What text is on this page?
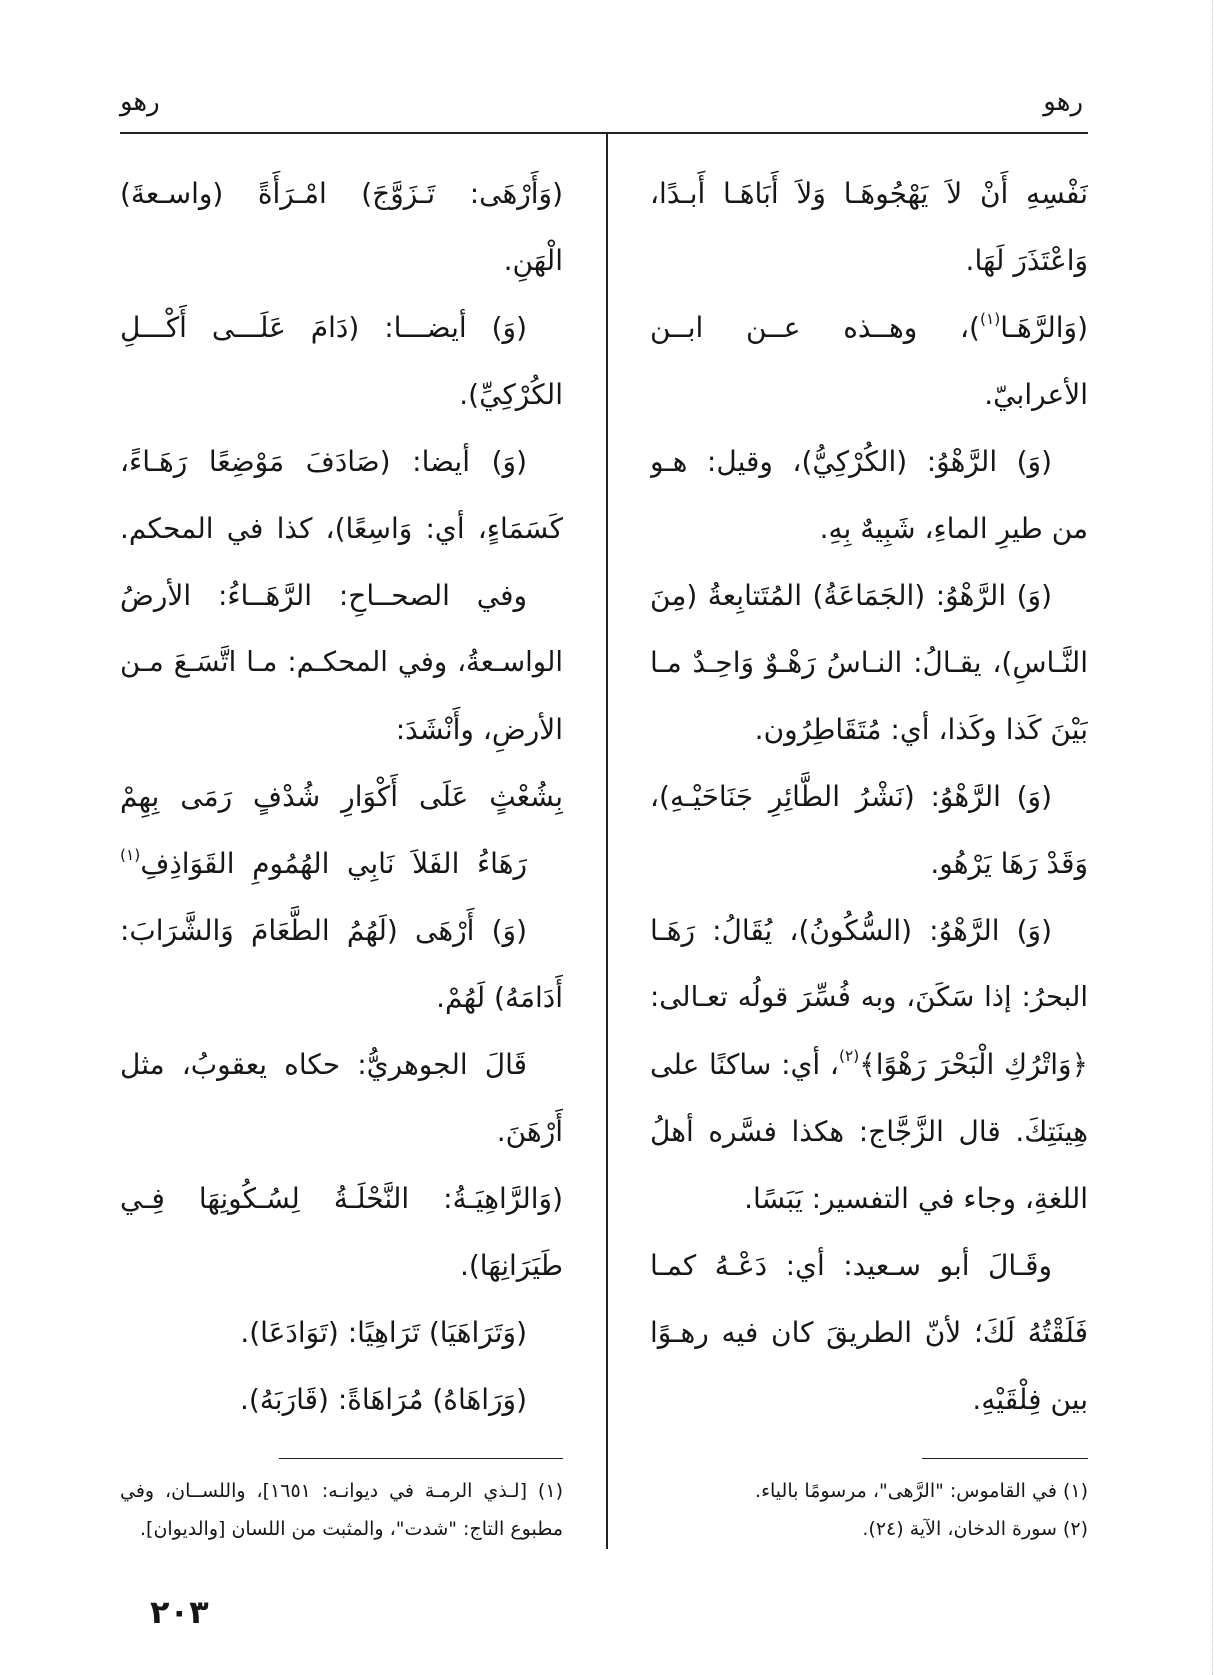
رهو
رهو
نَفْسِهِ أَنْ لاَ يَهْجُوهَـا وَلاَ أَبَاهَـا أَبـدًا،
وَاعْتَذَرَ لَهَا.
(وَالرَّهَـا$^{(١)}$)، وهــذه عــن ابــن
الأعرابيّ.
(وَ) الرَّهْوُ: (الكُرْكِيُّ)، وقيل: هـو
من طيرِ الماءِ، شَبِيهٌ بِهِ.
(وَ) الرَّهْوُ: (الجَمَاعَةُ) المُتَتابِعةُ (مِنَ
النَّـاسِ)، يقـالُ: النـاسُ رَهْـوٌ وَاحِـدٌ مـا
بَيْنَ كَذا وكَذا، أي: مُتَقَاطِرُون.
(وَ) الرَّهْوُ: (نَشْرُ الطَّائِرِ جَنَاحَيْـهِ)،
وَقَدْ رَهَا يَرْهُو.
(وَ) الرَّهْوُ: (السُّكُونُ)، يُقَالُ: رَهَـا
البحرُ: إذا سَكَنَ، وبه فُسِّرَ قولُه تعـالى:
﴿وَاتْرُكِ الْبَحْرَ رَهْوًا﴾$^{(٢)}$، أي: ساكنًا على
هِينَتِكَ. قال الزَّجَّاج: هكذا فسَّره أهلُ
اللغةِ، وجاء في التفسير: يَبَسًا.
وقَـالَ أبو سـعيد: أي: دَعْـهُ كمـا
فَلَقْتُهُ لَكَ؛ لأنّ الطريقَ كان فيه رهـوًا
بين فِلْقَيْهِ.
(وَأَرْهَى: تَـزَوَّجَ) امْـرَأَةً (واسـعةَ)
الْهَنِ.
(وَ) أيضـــا: (دَامَ عَلَـــى أَكْـــلِ
الكُرْكِيِّ).
(وَ) أيضا: (صَادَفَ مَوْضِعًا رَهَـاءً،
كَسَمَاءٍ، أي: وَاسِعًا)، كذا في المحكم.
وفي الصحــاحِ: الرَّهَــاءُ: الأرضُ
الواسـعةُ، وفي المحكـم: مـا اتَّسَـعَ مـن
الأرضِ، وأَنْشَدَ:
بِشُعْثٍ عَلَى أَكْوَارِ شُدْفٍ رَمَى بِهِمْ
رَهَاءُ الفَلاَ نَابِي الهُمُومِ القَوَاذِفِ$^{(١)}$
(وَ) أَرْهَى (لَهُمُ الطَّعَامَ وَالشَّرَابَ:
أَدَامَهُ) لَهُمْ.
قَالَ الجوهريُّ: حكاه يعقوبُ، مثل
أَرْهَنَ.
(وَالرَّاهِيَـةُ: النَّحْلَـةُ لِسُـكُونِهَا فِـي
طَيَرَانِهَا).
(وَتَرَاهَيَا) تَرَاهِيًا: (تَوَادَعَا).
(وَرَاهَاهُ) مُرَاهَاةً: (قَارَبَهُ).
(١) في القاموس: "الرَّهى"، مرسومًا بالياء.
(٢) سورة الدخان، الآية (٢٤).
(١) [لـذي الرمـة في ديوانـه: ١٦٥١]، واللســان، وفي
مطبوع التاج: "شدت"، والمثبت من اللسان [والديوان].
٢٠٣
